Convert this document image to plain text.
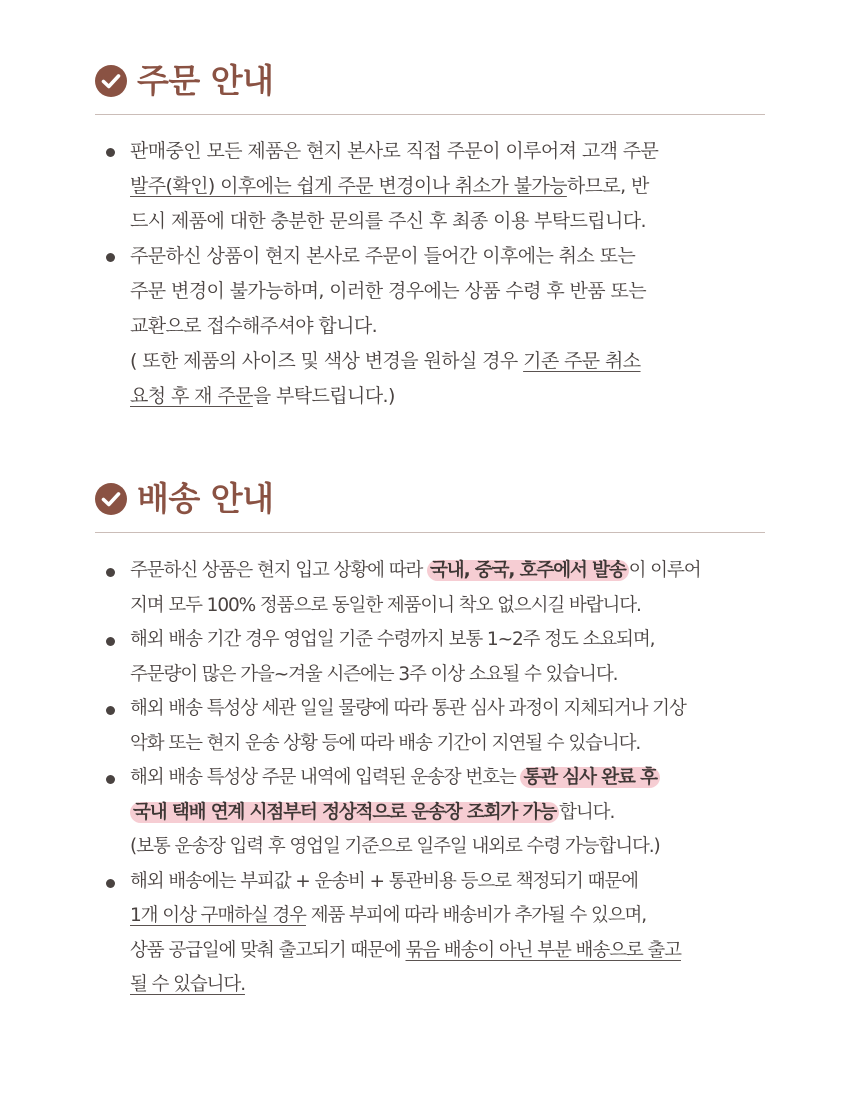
주문 안내
판매중인 모든 제품은 현지 본사로 직접 주문이 이루어져 고객 주문
발주(확인) 이후에는 쉽게 주문 변경이나 취소가 불가능하므로, 반
드시 제품에 대한 충분한 문의를 주신 후 최종 이용 부탁드립니다.
주문하신 상품이 현지 본사로 주문이 들어간 이후에는 취소 또는
주문 변경이 불가능하며, 이러한 경우에는 상품 수령 후 반품 또는
교환으로 접수해주셔야 합니다.
( 또한 제품의 사이즈 및 색상 변경을 원하실 경우 기존 주문 취소
요청 후 재 주문을 부탁드립니다.)
배송 안내
주문하신 상품은 현지 입고 상황에 따라 국내, 중국, 호주에서 발송 이 이루어
지며 모두 100% 정품으로 동일한 제품이니 착오 없으시길 바랍니다.
해외 배송 기간 경우 영업일 기준 수령까지 보통 1~2주 정도 소요되며,
주문량이 많은 가을~겨울 시즌에는 3주 이상 소요될 수 있습니다.
해외 배송 특성상 세관 일일 물량에 따라 통관 심사 과정이 지체되거나 기상
악화 또는 현지 운송 상황 등에 따라 배송 기간이 지연될 수 있습니다.
해외 배송 특성상 주문 내역에 입력된 운송장 번호는 통관 심사 완료 후
국내 택배 연계 시점부터 정상적으로 운송장 조회가 가능 합니다.
(보통 운송장 입력 후 영업일 기준으로 일주일 내외로 수령 가능합니다.)
해외 배송에는 부피값 + 운송비 + 통관비용 등으로 책정되기 때문에
1개 이상 구매하실 경우 제품 부피에 따라 배송비가 추가될 수 있으며,
상품 공급일에 맞춰 출고되기 때문에 묶음 배송이 아닌 부분 배송으로 출고
될 수 있습니다.
